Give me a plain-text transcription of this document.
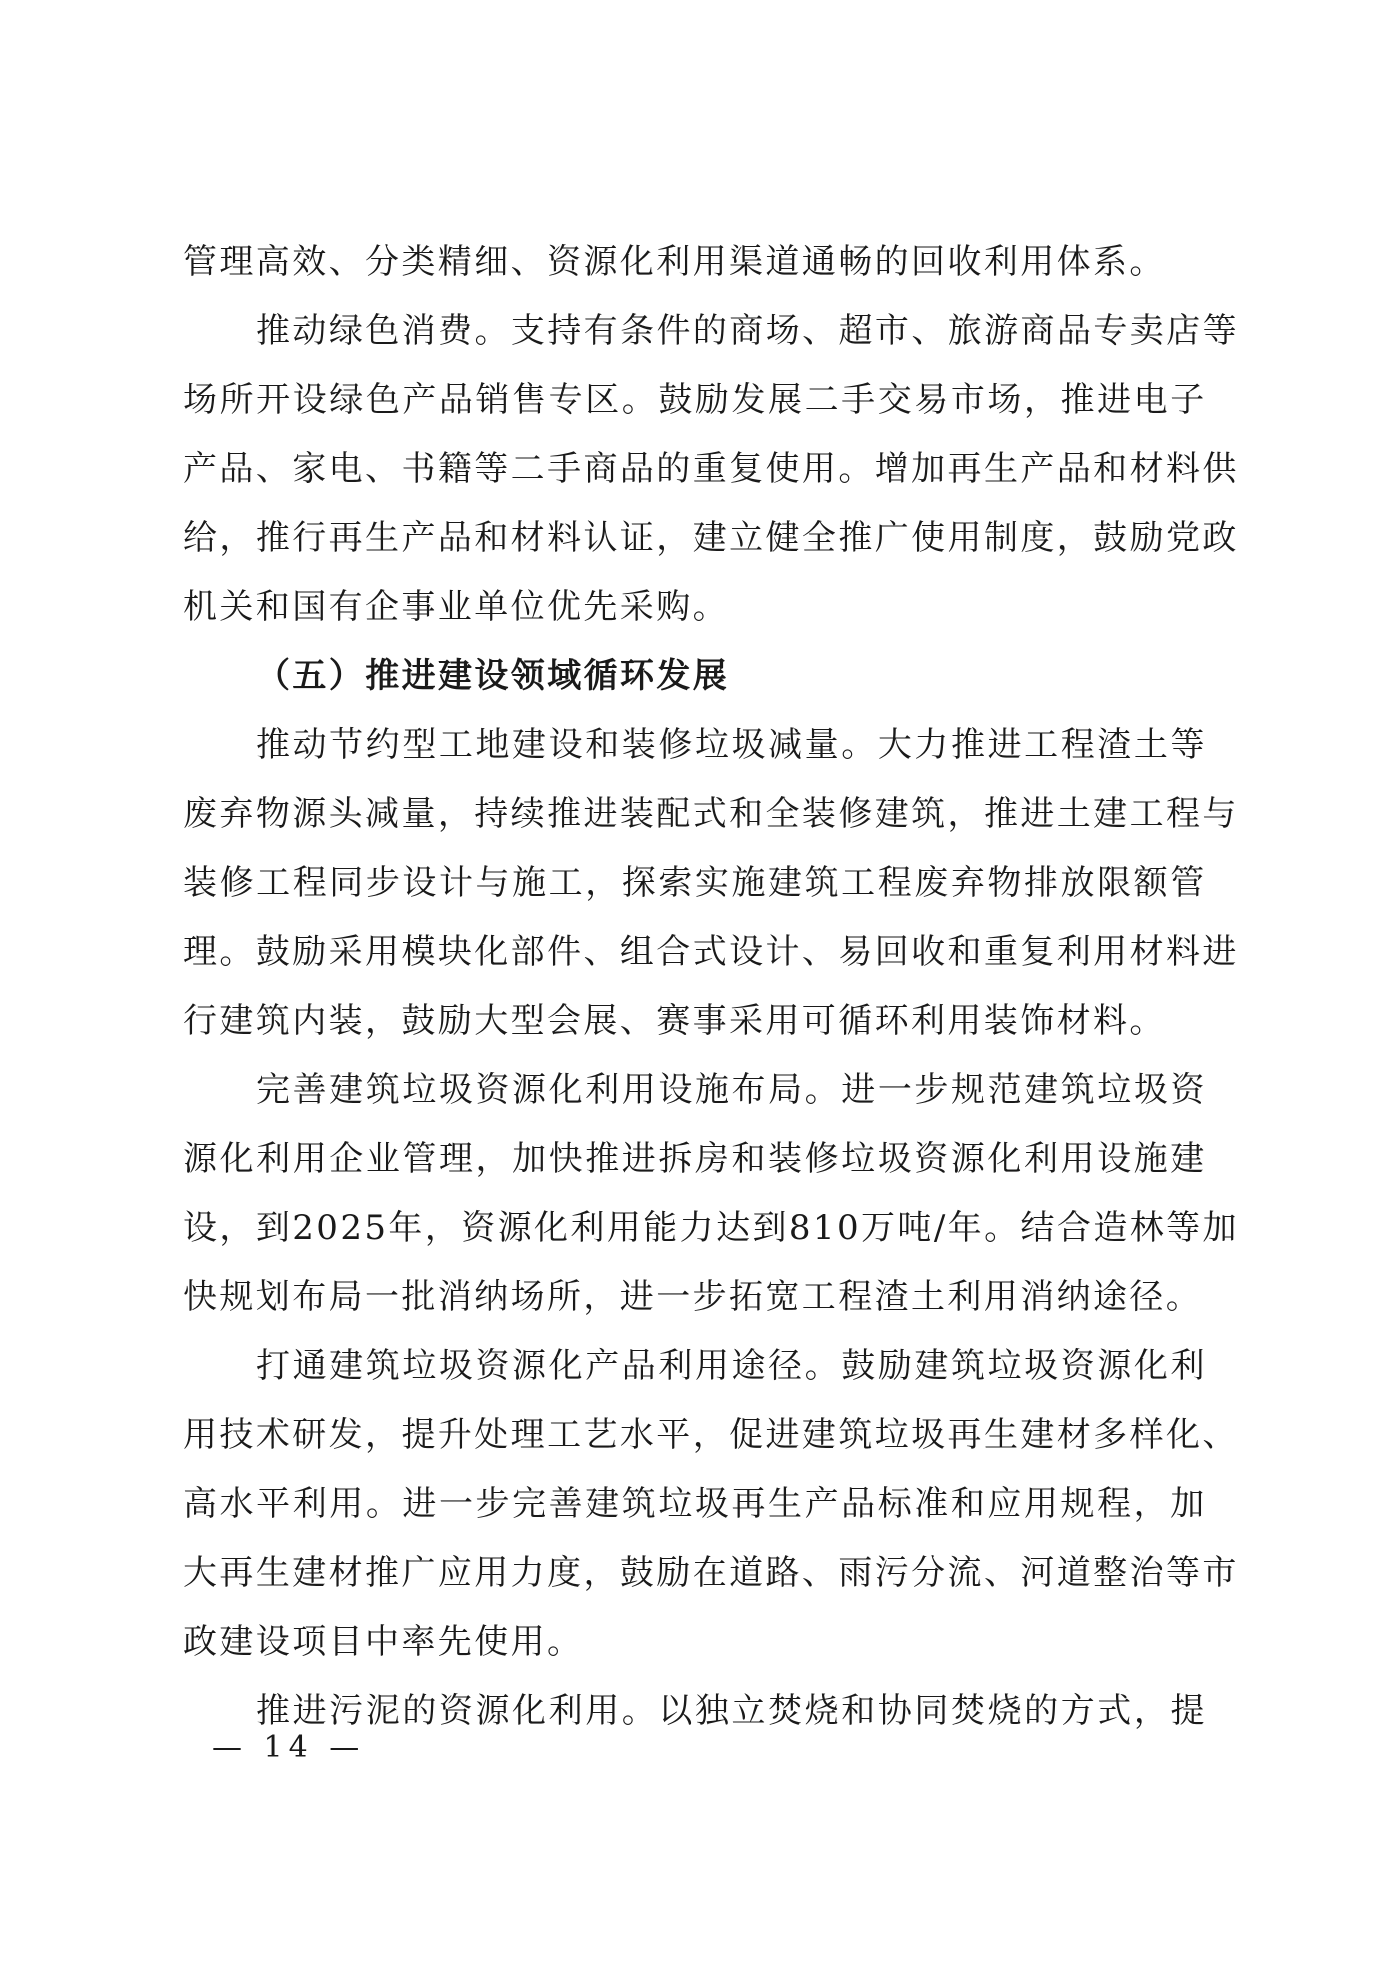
管理高效、分类精细、资源化利用渠道通畅的回收利用体系。
推 动 绿 色 消 费 。 支 持 有 条 件 的 商 场 、 超 市 、 旅 游 商 品 专 卖 店 等
场 所 开 设 绿 色 产 品 销 售 专 区 。 鼓 励 发 展 二 手 交 易 市 场 ， 推 进 电 子
产 品 、 家 电 、 书 籍 等 二 手 商 品 的 重 复 使 用 。 增 加 再 生 产 品 和 材 料 供
给 ， 推 行 再 生 产 品 和 材 料 认 证 ， 建 立 健 全 推 广 使 用 制 度 ， 鼓 励 党 政
机关和国有企事业单位优先采购。
（五）推进建设领域循环发展
推 动 节 约 型 工 地 建 设 和 装 修 垃 圾 减 量 。 大 力 推 进 工 程 渣 土 等
废 弃 物 源 头 减 量 ， 持 续 推 进 装 配 式 和 全 装 修 建 筑 ， 推 进 土 建 工 程 与
装 修 工 程 同 步 设 计 与 施 工 ， 探 索 实 施 建 筑 工 程 废 弃 物 排 放 限 额 管
理 。 鼓 励 采 用 模 块 化 部 件 、 组 合 式 设 计 、 易 回 收 和 重 复 利 用 材 料 进
行建筑内装，鼓励大型会展、赛事采用可循环利用装饰材料。
完 善 建 筑 垃 圾 资 源 化 利 用 设 施 布 局 。 进 一 步 规 范 建 筑 垃 圾 资
源 化 利 用 企 业 管 理 ， 加 快 推 进 拆 房 和 装 修 垃 圾 资 源 化 利 用 设 施 建
设 ， 到 2 0 2 5 年 ， 资 源 化 利 用 能 力 达 到 8 1 0 万 吨 / 年 。 结 合 造 林 等 加
快规划布局一批消纳场所，进一步拓宽工程渣土利用消纳途径。
打 通 建 筑 垃 圾 资 源 化 产 品 利 用 途 径 。 鼓 励 建 筑 垃 圾 资 源 化 利
用 技 术 研 发 ， 提 升 处 理 工 艺 水 平 ， 促 进 建 筑 垃 圾 再 生 建 材 多 样 化 、
高 水 平 利 用 。 进 一 步 完 善 建 筑 垃 圾 再 生 产 品 标 准 和 应 用 规 程 ， 加
大 再 生 建 材 推 广 应 用 力 度 ， 鼓 励 在 道 路 、 雨 污 分 流 、 河 道 整 治 等 市
政建设项目中率先使用。
推 进 污 泥 的 资 源 化 利 用 。 以 独 立 焚 烧 和 协 同 焚 烧 的 方 式 ， 提
— 14 —
